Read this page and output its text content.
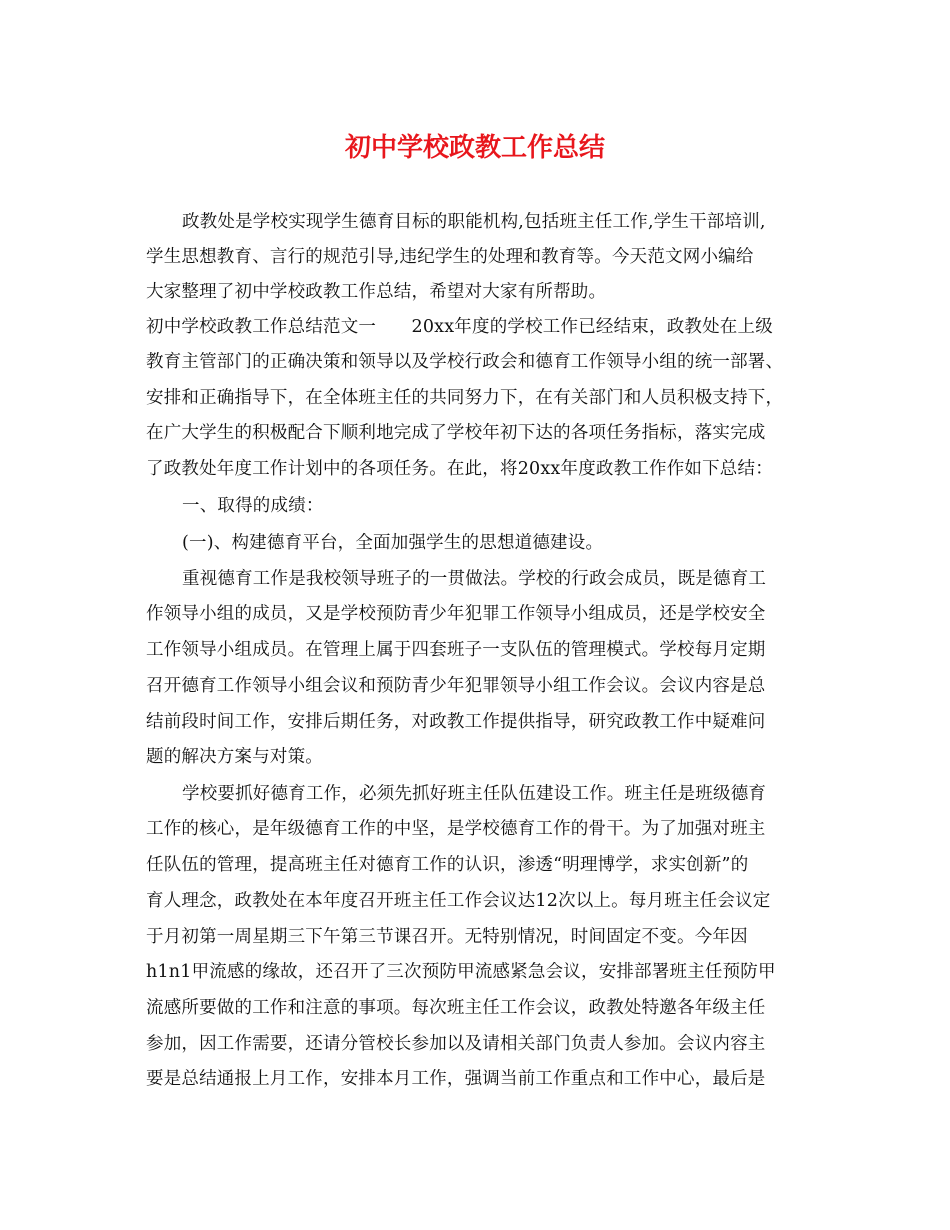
初中学校政教工作总结
政教处是学校实现学生德育目标的职能机构,包括班主任工作,学生干部培训,
学生思想教育、言行的规范引导,违纪学生的处理和教育等。今天范文网小编给
大家整理了初中学校政教工作总结，希望对大家有所帮助。
初中学校政教工作总结范文一　　20xx年度的学校工作已经结束，政教处在上级
教育主管部门的正确决策和领导以及学校行政会和德育工作领导小组的统一部署、
安排和正确指导下，在全体班主任的共同努力下，在有关部门和人员积极支持下，
在广大学生的积极配合下顺利地完成了学校年初下达的各项任务指标，落实完成
了政教处年度工作计划中的各项任务。在此，将20xx年度政教工作作如下总结：
一、取得的成绩：
(一)、构建德育平台，全面加强学生的思想道德建设。
重视德育工作是我校领导班子的一贯做法。学校的行政会成员，既是德育工
作领导小组的成员，又是学校预防青少年犯罪工作领导小组成员，还是学校安全
工作领导小组成员。在管理上属于四套班子一支队伍的管理模式。学校每月定期
召开德育工作领导小组会议和预防青少年犯罪领导小组工作会议。会议内容是总
结前段时间工作，安排后期任务，对政教工作提供指导，研究政教工作中疑难问
题的解决方案与对策。
学校要抓好德育工作，必须先抓好班主任队伍建设工作。班主任是班级德育
工作的核心，是年级德育工作的中坚，是学校德育工作的骨干。为了加强对班主
任队伍的管理，提高班主任对德育工作的认识，渗透“明理博学，求实创新”的
育人理念，政教处在本年度召开班主任工作会议达12次以上。每月班主任会议定
于月初第一周星期三下午第三节课召开。无特别情况，时间固定不变。今年因
h1n1甲流感的缘故，还召开了三次预防甲流感紧急会议，安排部署班主任预防甲
流感所要做的工作和注意的事项。每次班主任工作会议，政教处特邀各年级主任
参加，因工作需要，还请分管校长参加以及请相关部门负责人参加。会议内容主
要是总结通报上月工作，安排本月工作，强调当前工作重点和工作中心，最后是
